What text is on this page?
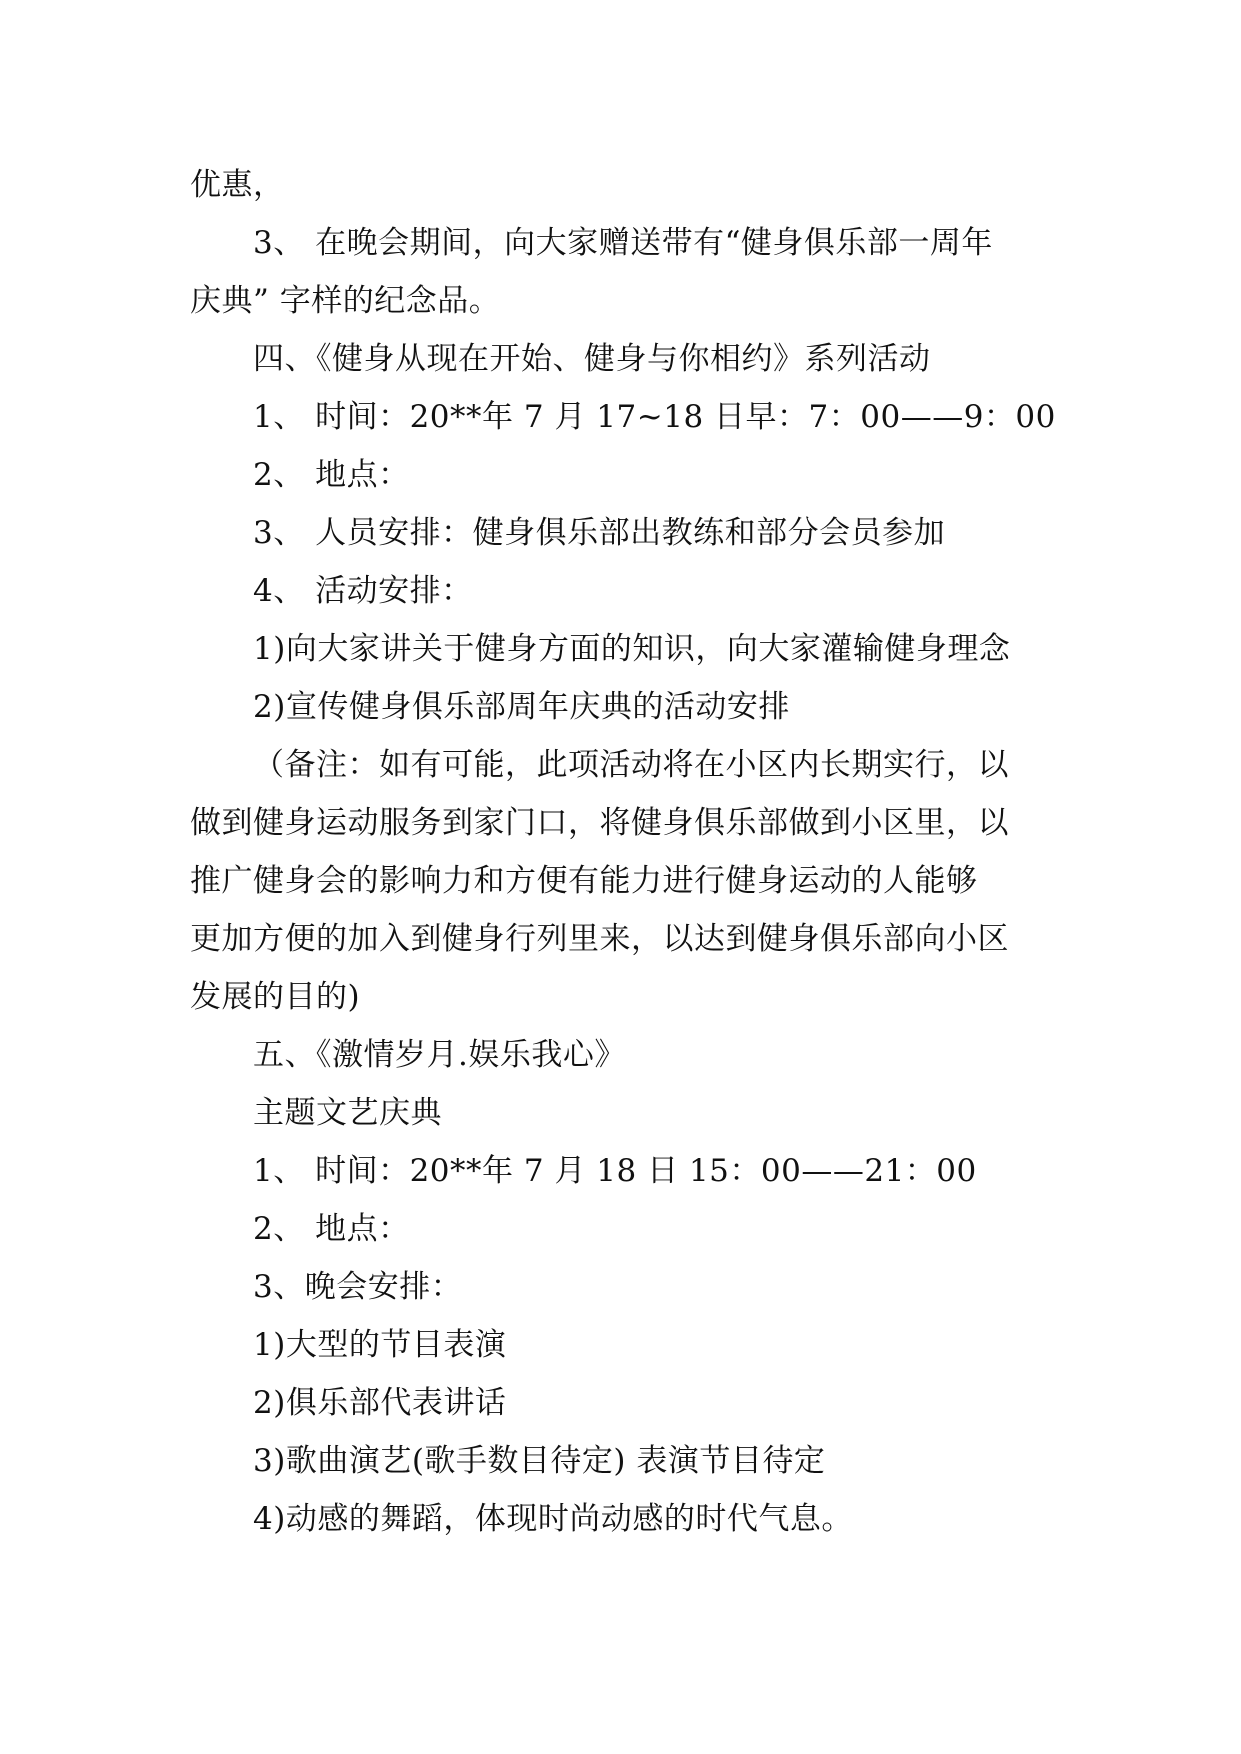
优惠，
3、 在晚会期间，向大家赠送带有“健身俱乐部一周年
庆典” 字样的纪念品。
四、《健身从现在开始、健身与你相约》系列活动
1、 时间：20**年 7 月 17~18 日早：7：00——9：00
2、 地点：
3、 人员安排：健身俱乐部出教练和部分会员参加
4、 活动安排：
1)向大家讲关于健身方面的知识，向大家灌输健身理念
2)宣传健身俱乐部周年庆典的活动安排
（备注：如有可能，此项活动将在小区内长期实行，以
做到健身运动服务到家门口，将健身俱乐部做到小区里，以
推广健身会的影响力和方便有能力进行健身运动的人能够
更加方便的加入到健身行列里来，以达到健身俱乐部向小区
发展的目的)
五、《激情岁月.娱乐我心》
主题文艺庆典
1、 时间：20**年 7 月 18 日 15：00——21：00
2、 地点：
3、晚会安排：
1)大型的节目表演
2)俱乐部代表讲话
3)歌曲演艺(歌手数目待定) 表演节目待定
4)动感的舞蹈，体现时尚动感的时代气息。
